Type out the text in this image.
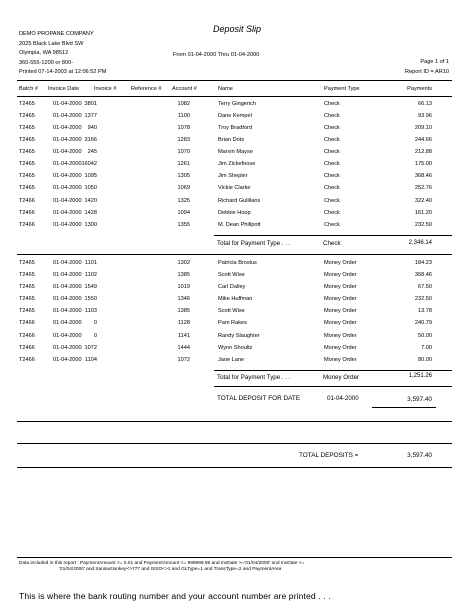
Deposit Slip
DEMO PROPANE COMPANY
2025 Black Lake Blvd SW
Olympia, WA 98512
360-555-1200 or 800-
Printed 07-14-2003 at 12:06:52 PM
From 01-04-2000 Thru 01-04-2000
Page 1 of 1
Report ID = AR10
Batch # Invoice Date	Invoice #	Reference # Account #	Name	Payment Type	Payments
T2465	01-04-2000 3801	1082	Terry Gingerich	Check	66.13
T2465	01-04-2000 1377	1100	Dane Kempel	Check	93.96
T2465	01-04-2000	940	1078	Troy Bradford	Check	209.10
T2465	01-04-2000 3166	1283	Brian Dots	Check	244.66
T2465	01-04-2000	245	1070	Marvin Mayse	Check	212.88
T2465	01-04-2000 16042	1261	Jim Zickefoose	Check	175.00
T2465	01-04-2000 1095	1305	Jim Shepler	Check	368.46
T2465	01-04-2000 1050	1069	Vickie Clarke	Check	252.76
T2466	01-04-2000 1420	1325	Richard Gullilans	Check	322.40
T2466	01-04-2000 1428	1094	Debbie Hoop	Check	161.20
T2466	01-04-2000 1300	1355	M. Dean Phillpott	Check	232.50
Total for Payment Type . . .	Check	2,346.14
T2465	01-04-2000 1101	1302	Patricia Broslus	Money Order	184.23
T2465	01-04-2000 1102	1385	Scott Wise	Money Order	368.46
T2465	01-04-2000 1549	1019	Carl Dalley	Money Order	67.50
T2465	01-04-2000 1550	1346	Mike Huffman	Money Order	232.50
T2465	01-04-2000 1103	1385	Scott Wise	Money Order	13.78
T2466	01-04-2000	0	1128	Pam Rakes	Money Order	240.79
T2466	01-04-2000	0	1141	Randy Slaughter	Money Order	50.00
T2466	01-04-2000 1072	1444	Wynn Shoultz	Money Order	7.00
T2466	01-04-2000 1104	1072	Jane Lane	Money Order	80.00
Total for Payment Type . . .	Money Order	1,251.26
TOTAL DEPOSIT FOR DATE	01-04-2000	3,597.40
TOTAL DEPOSITS =	3,597.40
Data included in this report : PaymentAmount >= 0.01 and PaymentAmount <= 999999.99 and InvDate >='01/04/2000' and InvDate <=
'01/04/2000' and transactionkey<>777 and ISSO<>1 and GLType=1 and TransType=2 and PaymentArea
This is where the bank routing number and your account number are printed . . .
